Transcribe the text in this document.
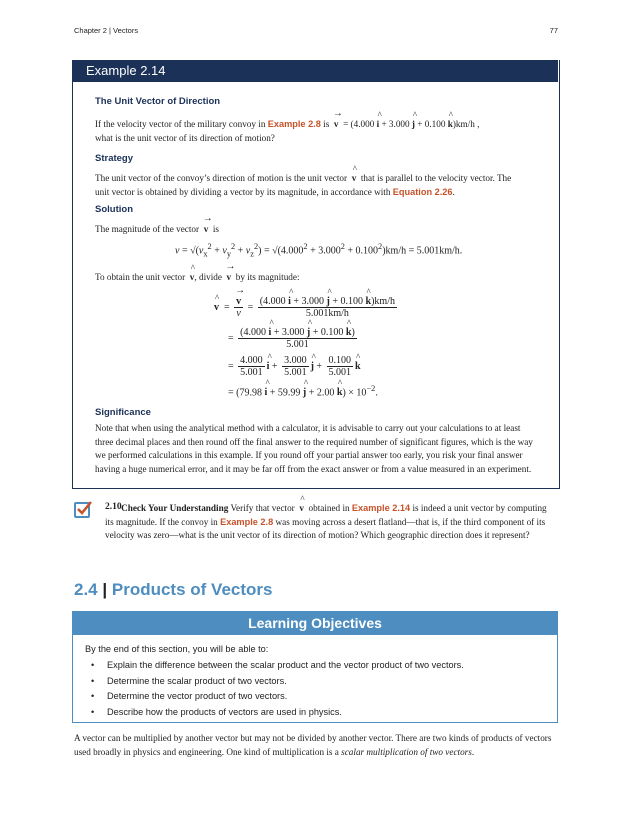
Chapter 2 | Vectors	77
Example 2.14
The Unit Vector of Direction
If the velocity vector of the military convoy in Example 2.8 is → v  = (4.000 ^ i + 3.000 ^ j + 0.100 ^ k)km/h ,
what is the unit vector of its direction of motion?
Strategy
The unit vector of the convoy’s direction of motion is the unit vector ^ v that is parallel to the velocity vector. The
unit vector is obtained by dividing a vector by its magnitude, in accordance with Equation 2.26.
Solution
The magnitude of the vector → v is
$v = √(v_x^2 + v_y^2 + v_z^2) = √(4.000^2 + 3.000^2 + 0.100^2)km/h = 5.001km/h$.
To obtain the unit vector ^ v, divide → v by its magnitude:
^ v  = → $\frac{v}{v} = \frac{(4.000 \^{} i + 3.000 \^{} j + 0.100 \^{} k)km/h}{5.001km/h}$
= $\frac{(4.000 \^{} i + 3.000 \^{} j + 0.100 \^{} k)}{5.001}$
= $\frac{4.000}{5.001}$ ^ $i + \frac{3.000}{5.001}$ ^ $j + \frac{0.100}{5.001}$ ^ k
= (79.98 ^ i + 59.99 ^ j + 2.00 ^ $k) \times 10^{-2}$.
Significance
Note that when using the analytical method with a calculator, it is advisable to carry out your calculations to at least three decimal places and then round off the final answer to the required number of significant figures, which is the way we performed calculations in this example. If you round off your partial answer too early, you risk your final answer having a huge numerical error, and it may be far off from the exact answer or from a value measured in an experiment.
2.10 Check Your Understanding Verify that vector ^ v obtained in Example 2.14 is indeed a unit vector by computing its magnitude. If the convoy in Example 2.8 was moving across a desert flatland—that is, if the third component of its velocity was zero—what is the unit vector of its direction of motion? Which geographic direction does it represent?
2.4 | Products of Vectors
Learning Objectives
By the end of this section, you will be able to:
• Explain the difference between the scalar product and the vector product of two vectors.
• Determine the scalar product of two vectors.
• Determine the vector product of two vectors.
• Describe how the products of vectors are used in physics.
A vector can be multiplied by another vector but may not be divided by another vector. There are two kinds of products of vectors used broadly in physics and engineering. One kind of multiplication is a scalar multiplication of two vectors.
